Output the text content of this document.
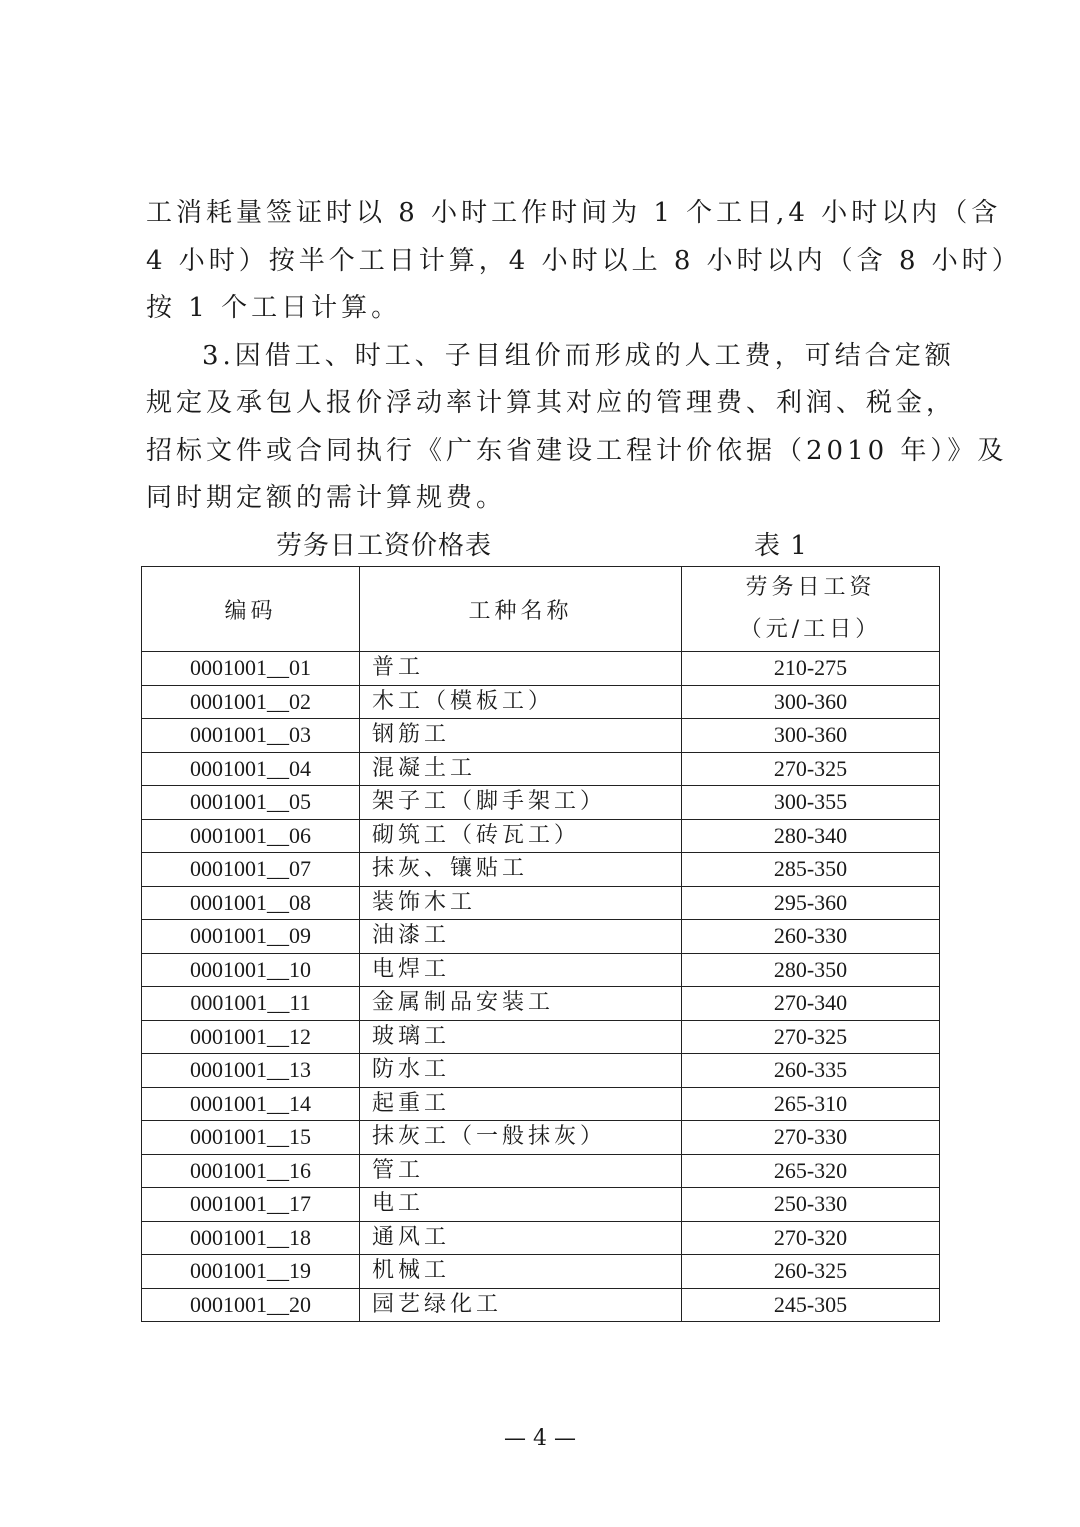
工消耗量签证时以 8 小时工作时间为 1 个工日,4 小时以内（含
4 小时）按半个工日计算，4 小时以上 8 小时以内（含 8 小时）
按 1 个工日计算。
3.因借工、时工、子目组价而形成的人工费，可结合定额
规定及承包人报价浮动率计算其对应的管理费、利润、税金，
招标文件或合同执行《广东省建设工程计价依据（2010 年）》及
同时期定额的需计算规费。
劳务日工资价格表	表 1
编码	工种名称	劳务日工资
（元/工日）

0001001__01	普工	210-275
0001001__02	木工（模板工）	300-360
0001001__03	钢筋工	300-360
0001001__04	混凝土工	270-325
0001001__05	架子工（脚手架工）	300-355
0001001__06	砌筑工（砖瓦工）	280-340
0001001__07	抹灰、镶贴工	285-350
0001001__08	装饰木工	295-360
0001001__09	油漆工	260-330
0001001__10	电焊工	280-350
0001001__11	金属制品安装工	270-340
0001001__12	玻璃工	270-325
0001001__13	防水工	260-335
0001001__14	起重工	265-310
0001001__15	抹灰工（一般抹灰）	270-330
0001001__16	管工	265-320
0001001__17	电工	250-330
0001001__18	通风工	270-320
0001001__19	机械工	260-325
0001001__20	园艺绿化工	245-305
— 4 —
